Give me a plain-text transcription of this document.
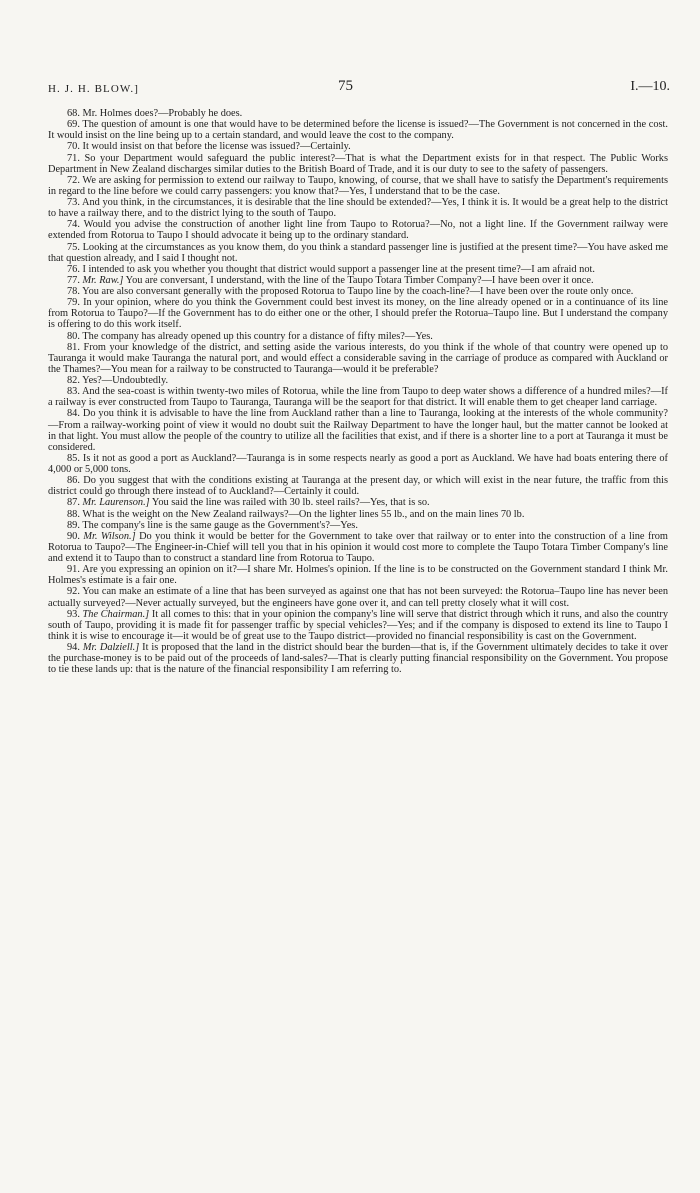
H. J. H. BLOW.]	75	I.—10.

68. Mr. Holmes does?—Probably he does.

69. The question of amount is one that would have to be determined before the license is issued?—The Government is not concerned in the cost. It would insist on the line being up to a certain standard, and would leave the cost to the company.

70. It would insist on that before the license was issued?—Certainly.

71. So your Department would safeguard the public interest?—That is what the Department exists for in that respect. The Public Works Department in New Zealand discharges similar duties to the British Board of Trade, and it is our duty to see to the safety of passengers.

72. We are asking for permission to extend our railway to Taupo, knowing, of course, that we shall have to satisfy the Department's requirements in regard to the line before we could carry passengers: you know that?—Yes, I understand that to be the case.

73. And you think, in the circumstances, it is desirable that the line should be extended?—Yes, I think it is. It would be a great help to the district to have a railway there, and to the district lying to the south of Taupo.

74. Would you advise the construction of another light line from Taupo to Rotorua?—No, not a light line. If the Government railway were extended from Rotorua to Taupo I should advocate it being up to the ordinary standard.

75. Looking at the circumstances as you know them, do you think a standard passenger line is justified at the present time?—You have asked me that question already, and I said I thought not.

76. I intended to ask you whether you thought that district would support a passenger line at the present time?—I am afraid not.

77. Mr. Raw.] You are conversant, I understand, with the line of the Taupo Totara Timber Company?—I have been over it once.

78. You are also conversant generally with the proposed Rotorua to Taupo line by the coach-line?—I have been over the route only once.

79. In your opinion, where do you think the Government could best invest its money, on the line already opened or in a continuance of its line from Rotorua to Taupo?—If the Government has to do either one or the other, I should prefer the Rotorua–Taupo line. But I understand the company is offering to do this work itself.

80. The company has already opened up this country for a distance of fifty miles?—Yes.

81. From your knowledge of the district, and setting aside the various interests, do you think if the whole of that country were opened up to Tauranga it would make Tauranga the natural port, and would effect a considerable saving in the carriage of produce as compared with Auckland or the Thames?—You mean for a railway to be constructed to Tauranga—would it be preferable?

82. Yes?—Undoubtedly.

83. And the sea-coast is within twenty-two miles of Rotorua, while the line from Taupo to deep water shows a difference of a hundred miles?—If a railway is ever constructed from Taupo to Tauranga, Tauranga will be the seaport for that district. It will enable them to get cheaper land carriage.

84. Do you think it is advisable to have the line from Auckland rather than a line to Tauranga, looking at the interests of the whole community?—From a railway-working point of view it would no doubt suit the Railway Department to have the longer haul, but the matter cannot be looked at in that light. You must allow the people of the country to utilize all the facilities that exist, and if there is a shorter line to a port at Tauranga it must be considered.

85. Is it not as good a port as Auckland?—Tauranga is in some respects nearly as good a port as Auckland. We have had boats entering there of 4,000 or 5,000 tons.

86. Do you suggest that with the conditions existing at Tauranga at the present day, or which will exist in the near future, the traffic from this district could go through there instead of to Auckland?—Certainly it could.

87. Mr. Laurenson.] You said the line was railed with 30 lb. steel rails?—Yes, that is so.

88. What is the weight on the New Zealand railways?—On the lighter lines 55 lb., and on the main lines 70 lb.

89. The company's line is the same gauge as the Government's?—Yes.

90. Mr. Wilson.] Do you think it would be better for the Government to take over that railway or to enter into the construction of a line from Rotorua to Taupo?—The Engineer-in-Chief will tell you that in his opinion it would cost more to complete the Taupo Totara Timber Company's line and extend it to Taupo than to construct a standard line from Rotorua to Taupo.

91. Are you expressing an opinion on it?—I share Mr. Holmes's opinion. If the line is to be constructed on the Government standard I think Mr. Holmes's estimate is a fair one.

92. You can make an estimate of a line that has been surveyed as against one that has not been surveyed: the Rotorua–Taupo line has never been actually surveyed?—Never actually surveyed, but the engineers have gone over it, and can tell pretty closely what it will cost.

93. The Chairman.] It all comes to this: that in your opinion the company's line will serve that district through which it runs, and also the country south of Taupo, providing it is made fit for passenger traffic by special vehicles?—Yes; and if the company is disposed to extend its line to Taupo I think it is wise to encourage it—it would be of great use to the Taupo district—provided no financial responsibility is cast on the Government.

94. Mr. Dalziell.] It is proposed that the land in the district should bear the burden—that is, if the Government ultimately decides to take it over the purchase-money is to be paid out of the proceeds of land-sales?—That is clearly putting financial responsibility on the Government. You propose to tie these lands up: that is the nature of the financial responsibility I am referring to.
